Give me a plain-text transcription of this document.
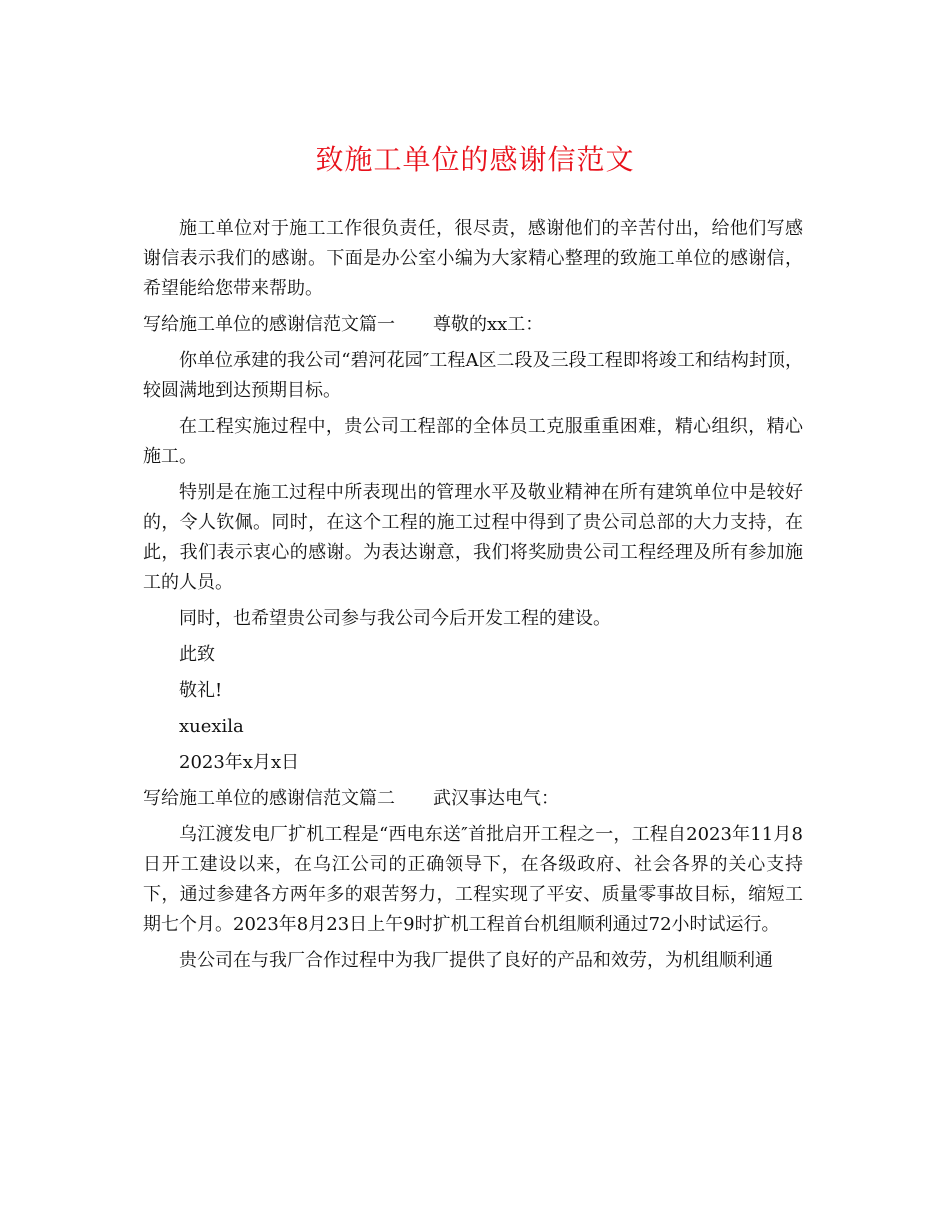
致施工单位的感谢信范文

施工单位对于施工工作很负责任，很尽责，感谢他们的辛苦付出，给他们写感谢信表示我们的感谢。下面是办公室小编为大家精心整理的致施工单位的感谢信，希望能给您带来帮助。

写给施工单位的感谢信范文篇一 尊敬的xx工：

你单位承建的我公司“碧河花园″工程A区二段及三段工程即将竣工和结构封顶，较圆满地到达预期目标。

在工程实施过程中，贵公司工程部的全体员工克服重重困难，精心组织，精心施工。

特别是在施工过程中所表现出的管理水平及敬业精神在所有建筑单位中是较好的，令人钦佩。同时，在这个工程的施工过程中得到了贵公司总部的大力支持，在此，我们表示衷心的感谢。为表达谢意，我们将奖励贵公司工程经理及所有参加施工的人员。

同时，也希望贵公司参与我公司今后开发工程的建设。

此致
敬礼!
xuexila
2023年x月x日
写给施工单位的感谢信范文篇二 武汉事达电气：

乌江渡发电厂扩机工程是“西电东送″首批启开工程之一，工程自2023年11月8日开工建设以来，在乌江公司的正确领导下，在各级政府、社会各界的关心支持下，通过参建各方两年多的艰苦努力，工程实现了平安、质量零事故目标，缩短工期七个月。2023年8月23日上午9时扩机工程首台机组顺利通过72小时试运行。

贵公司在与我厂合作过程中为我厂提供了良好的产品和效劳，为机组顺利通
